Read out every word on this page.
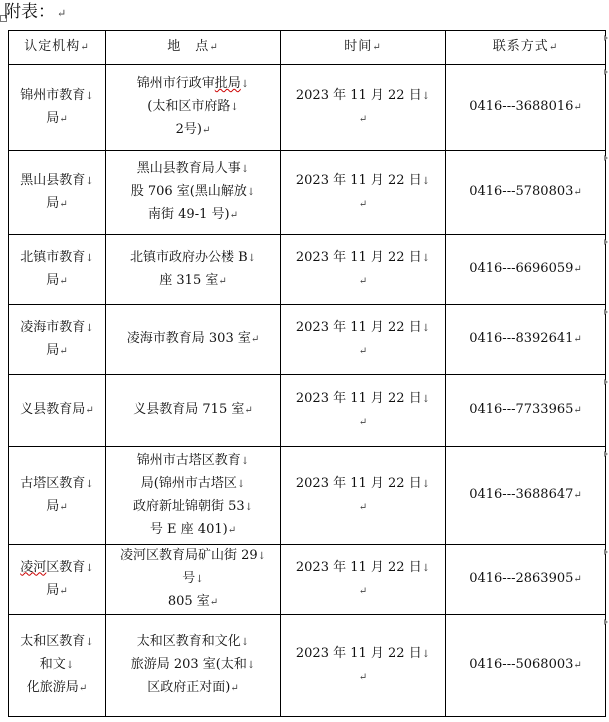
附表： ↵
认定机构↵	地　点↵	时间↵	联系方式↵
锦州市教育↓
局↵	锦州市行政审批局↓
(太和区市府路↓
2号)↵	2023 年 11 月 22 日↓
↵	0416---3688016↵
黑山县教育↓
局↵	黑山县教育局人事↓
股 706 室(黑山解放↓
南街 49-1 号)↵	2023 年 11 月 22 日↓
↵	0416---5780803↵
北镇市教育↓
局↵	北镇市政府办公楼 B↓
座 315 室↵	2023 年 11 月 22 日↓
↵	0416---6696059↵
凌海市教育↓
局↵	凌海市教育局 303 室↵	2023 年 11 月 22 日↓
↵	0416---8392641↵
义县教育局↵	义县教育局 715 室↵	2023 年 11 月 22 日↓
↵	0416---7733965↵
古塔区教育↓
局↵	锦州市古塔区教育↓
局(锦州市古塔区↓
政府新址锦朝街 53↓
号 E 座 401)↵	2023 年 11 月 22 日↓
↵	0416---3688647↵
凌河区教育↓
局↵	凌河区教育局矿山街 29↓
号↓
805 室↵	2023 年 11 月 22 日↓
↵	0416---2863905↵
太和区教育↓
和文↓
化旅游局↵	太和区教育和文化↓
旅游局 203 室(太和↓
区政府正对面)↵	2023 年 11 月 22 日↓
↵	0416---5068003↵
